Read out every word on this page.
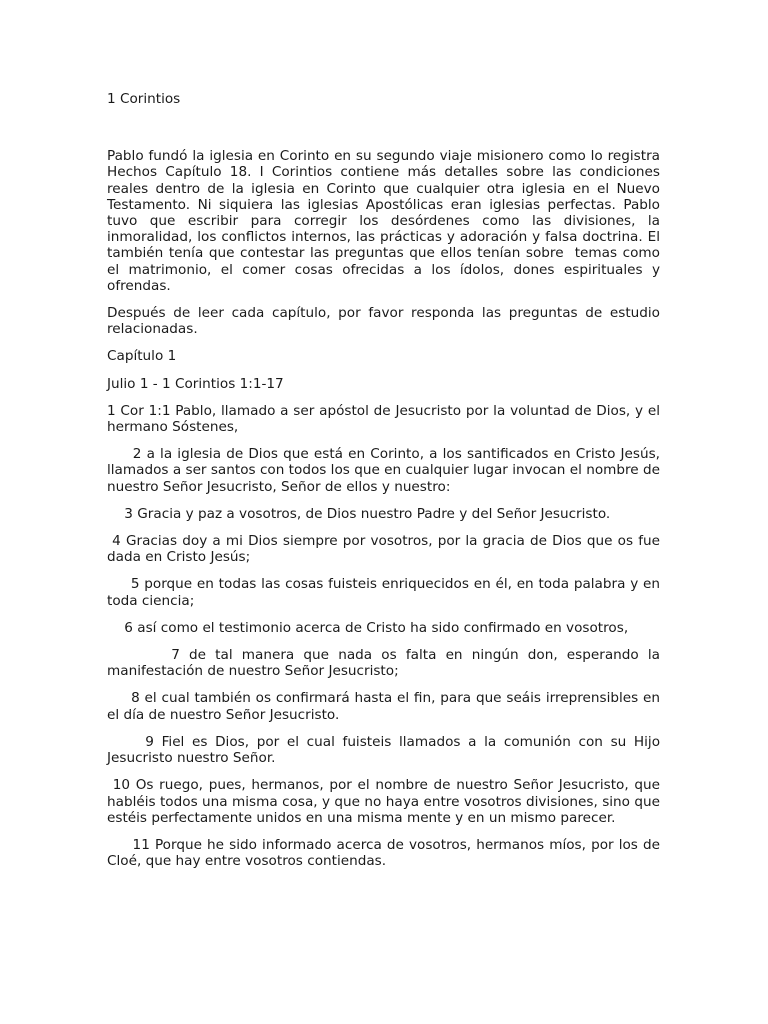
1 Corintios

Pablo fundó la iglesia en Corinto en su segundo viaje misionero como lo registra Hechos Capítulo 18. I Corintios contiene más detalles sobre las condiciones reales dentro de la iglesia en Corinto que cualquier otra iglesia en el Nuevo Testamento. Ni siquiera las iglesias Apostólicas eran iglesias perfectas. Pablo tuvo que escribir para corregir los desórdenes como las divisiones, la inmoralidad, los conflictos internos, las prácticas y adoración y falsa doctrina. El también tenía que contestar las preguntas que ellos tenían sobre  temas como el matrimonio, el comer cosas ofrecidas a los ídolos, dones espirituales y ofrendas.

Después de leer cada capítulo, por favor responda las preguntas de estudio relacionadas.

Capítulo 1

Julio 1 - 1 Corintios 1:1-17

1 Cor 1:1 Pablo, llamado a ser apóstol de Jesucristo por la voluntad de Dios, y el hermano Sóstenes,

2 a la iglesia de Dios que está en Corinto, a los santificados en Cristo Jesús, llamados a ser santos con todos los que en cualquier lugar invocan el nombre de nuestro Señor Jesucristo, Señor de ellos y nuestro:

3 Gracia y paz a vosotros, de Dios nuestro Padre y del Señor Jesucristo.

4 Gracias doy a mi Dios siempre por vosotros, por la gracia de Dios que os fue dada en Cristo Jesús;

5 porque en todas las cosas fuisteis enriquecidos en él, en toda palabra y en toda ciencia;

6 así como el testimonio acerca de Cristo ha sido confirmado en vosotros,

7 de tal manera que nada os falta en ningún don, esperando la manifestación de nuestro Señor Jesucristo;

8 el cual también os confirmará hasta el fin, para que seáis irreprensibles en el día de nuestro Señor Jesucristo.

9 Fiel es Dios, por el cual fuisteis llamados a la comunión con su Hijo Jesucristo nuestro Señor.

10 Os ruego, pues, hermanos, por el nombre de nuestro Señor Jesucristo, que habléis todos una misma cosa, y que no haya entre vosotros divisiones, sino que estéis perfectamente unidos en una misma mente y en un mismo parecer.

11 Porque he sido informado acerca de vosotros, hermanos míos, por los de Cloé, que hay entre vosotros contiendas.
